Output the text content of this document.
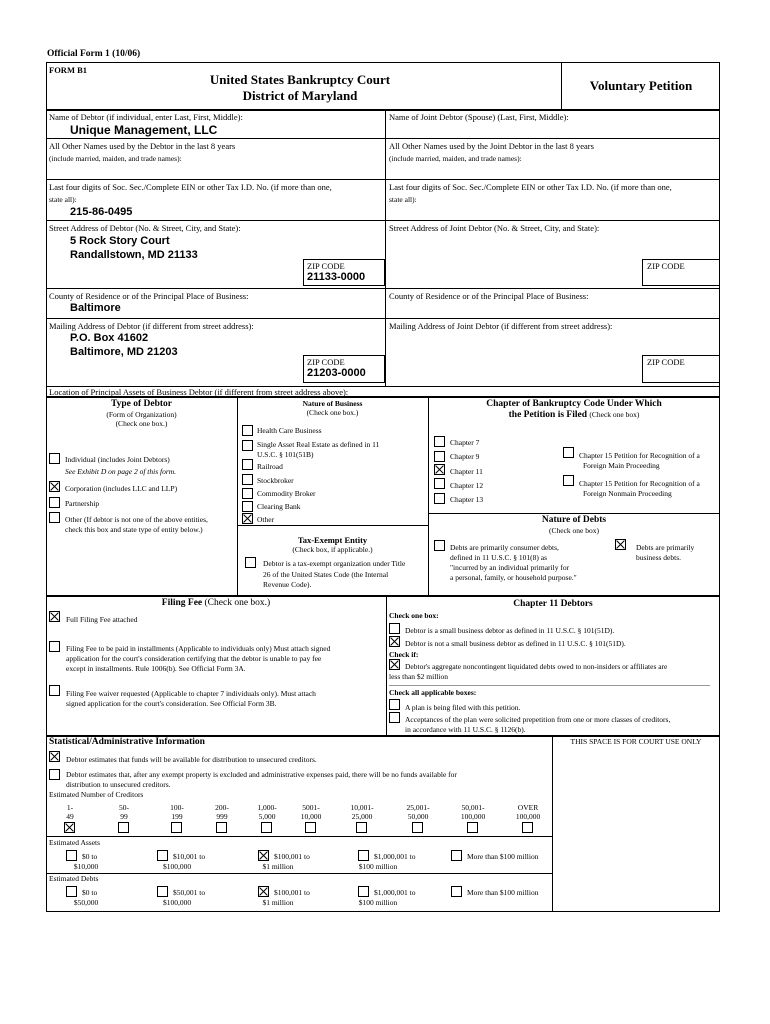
Official Form 1 (10/06)
FORM B1
United States Bankruptcy Court
District of Maryland
Voluntary Petition
Name of Debtor (if individual, enter Last, First, Middle):
Unique Management, LLC
All Other Names used by the Debtor in the last 8 years
(include married, maiden, and trade names):
Last four digits of Soc. Sec./Complete EIN or other Tax I.D. No. (if more than one,
state all):
215-86-0495
Street Address of Debtor (No. & Street, City, and State):
5 Rock Story Court
Randallstown, MD 21133
ZIP CODE
21133-0000
County of Residence or of the Principal Place of Business:
Baltimore
Mailing Address of Debtor (if different from street address):
P.O. Box 41602
Baltimore, MD 21203
ZIP CODE
21203-0000
Name of Joint Debtor (Spouse) (Last, First, Middle):
All Other Names used by the Joint Debtor in the last 8 years
(include married, maiden, and trade names):
Last four digits of Soc. Sec./Complete EIN or other Tax I.D. No. (if more than one,
state all):
Street Address of Joint Debtor (No. & Street, City, and State):
ZIP CODE
County of Residence or of the Principal Place of Business:
Mailing Address of Joint Debtor (if different from street address):
ZIP CODE
Location of Principal Assets of Business Debtor (if different from street address above):
Type of Debtor
(Form of Organization)
(Check one box.)
Individual (includes Joint Debtors)
See Exhibit D on page 2 of this form.
Corporation (includes LLC and LLP)
Partnership
Other (If debtor is not one of the above entities,
check this box and state type of entity below.)
Nature of Business
(Check one box.)
Health Care Business
Single Asset Real Estate as defined in 11
U.S.C. § 101(51B)
Railroad
Stockbroker
Commodity Broker
Clearing Bank
Other
Tax-Exempt Entity
(Check box, if applicable.)
Debtor is a tax-exempt organization under Title
26 of the United States Code (the Internal
Revenue Code).
Chapter of Bankruptcy Code Under Which
the Petition is Filed (Check one box)
Chapter 7
Chapter 9
Chapter 11
Chapter 12
Chapter 13
Chapter 15 Petition for Recognition of a
Foreign Main Proceeding
Chapter 15 Petition for Recognition of a
Foreign Nonmain Proceeding
Nature of Debts
(Check one box)
Debts are primarily consumer debts,
defined in 11 U.S.C. § 101(8) as
"incurred by an individual primarily for
a personal, family, or household purpose."
Debts are primarily
business debts.
Filing Fee (Check one box.)
Full Filing Fee attached
Filing Fee to be paid in installments (Applicable to individuals only) Must attach signed
application for the court's consideration certifying that the debtor is unable to pay fee
except in installments. Rule 1006(b). See Official Form 3A.
Filing Fee waiver requested (Applicable to chapter 7 individuals only). Must attach
signed application for the court's consideration. See Official Form 3B.
Chapter 11 Debtors
Check one box:
Debtor is a small business debtor as defined in 11 U.S.C. § 101(51D).
Debtor is not a small business debtor as defined in 11 U.S.C. § 101(51D).
Check if:
Debtor's aggregate noncontingent liquidated debts owed to non-insiders or affiliates are
less than $2 million
Check all applicable boxes:
A plan is being filed with this petition.
Acceptances of the plan were solicited prepetition from one or more classes of creditors,
in accordance with 11 U.S.C. § 1126(b).
Statistical/Administrative Information	THIS SPACE IS FOR COURT USE ONLY
Debtor estimates that funds will be available for distribution to unsecured creditors.
Debtor estimates that, after any exempt property is excluded and administrative expenses paid, there will be no funds available for
distribution to unsecured creditors.
Estimated Number of Creditors
1-
49
50-
99
100-
199
200-
999
1,000-
5,000
5001-
10,000
10,001-
25,000
25,001-
50,000
50,001-
100,000
OVER
100,000
Estimated Assets
$0 to
$10,000
$10,001 to
$100,000
$100,001 to
$1 million
$1,000,001 to
$100 million
More than $100 million
Estimated Debts
$0 to
$50,000
$50,001 to
$100,000
$100,001 to
$1 million
$1,000,001 to
$100 million
More than $100 million
